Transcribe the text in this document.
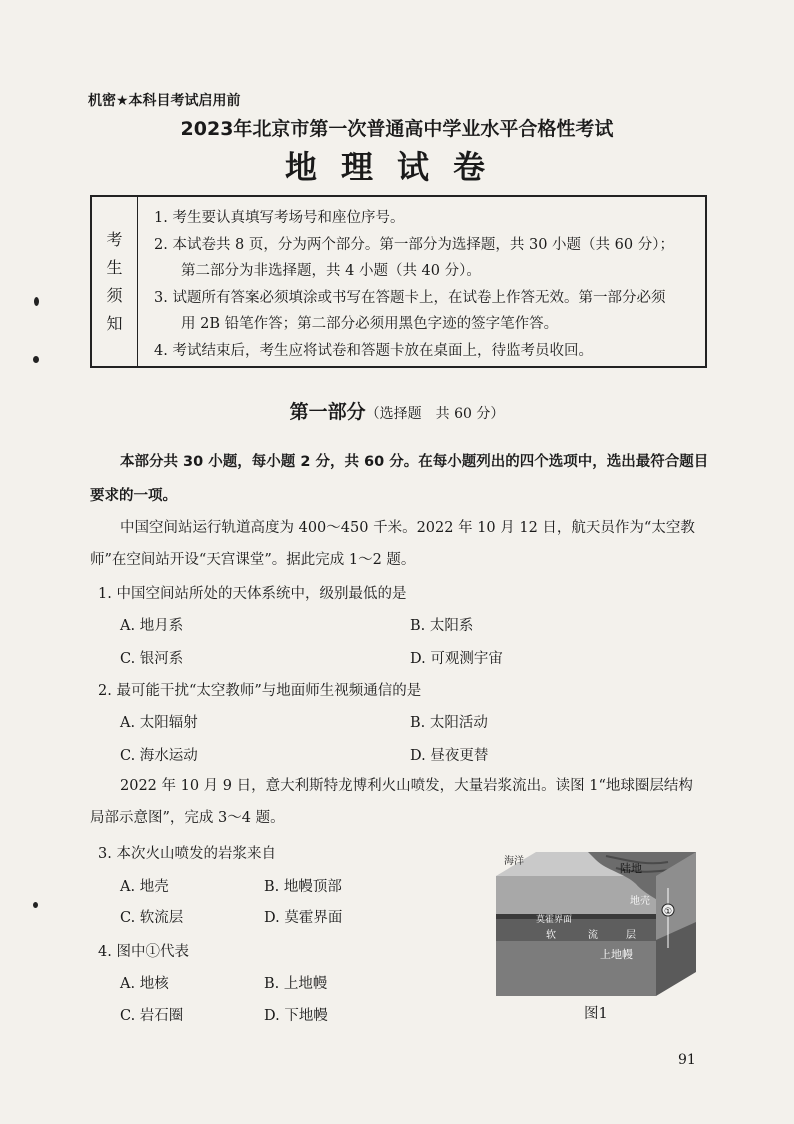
机密★本科目考试启用前
2023年北京市第一次普通高中学业水平合格性考试
地理试卷
考
生
须
知
1. 考生要认真填写考场号和座位序号。
2. 本试卷共 8 页，分为两个部分。第一部分为选择题，共 30 小题（共 60 分）；
第二部分为非选择题，共 4 小题（共 40 分）。
3. 试题所有答案必须填涂或书写在答题卡上，在试卷上作答无效。第一部分必须
用 2B 铅笔作答；第二部分必须用黑色字迹的签字笔作答。
4. 考试结束后，考生应将试卷和答题卡放在桌面上，待监考员收回。
第一部分（选择题　共 60 分）
本部分共 30 小题，每小题 2 分，共 60 分。在每小题列出的四个选项中，选出最符合题目
要求的一项。
中国空间站运行轨道高度为 400～450 千米。2022 年 10 月 12 日，航天员作为“太空教
师”在空间站开设“天宫课堂”。据此完成 1～2 题。
1. 中国空间站所处的天体系统中，级别最低的是
A. 地月系	B. 太阳系
C. 银河系	D. 可观测宇宙
2. 最可能干扰“太空教师”与地面师生视频通信的是
A. 太阳辐射	B. 太阳活动
C. 海水运动	D. 昼夜更替
2022 年 10 月 9 日，意大利斯特龙博利火山喷发，大量岩浆流出。读图 1“地球圈层结构
局部示意图”，完成 3～4 题。
3. 本次火山喷发的岩浆来自
A. 地壳	B. 地幔顶部
C. 软流层	D. 莫霍界面
4. 图中①代表
A. 地核	B. 上地幔
C. 岩石圈	D. 下地幔
①
海洋
陆地
地壳
莫霍界面
软	流	层
上地幔
图1
91
